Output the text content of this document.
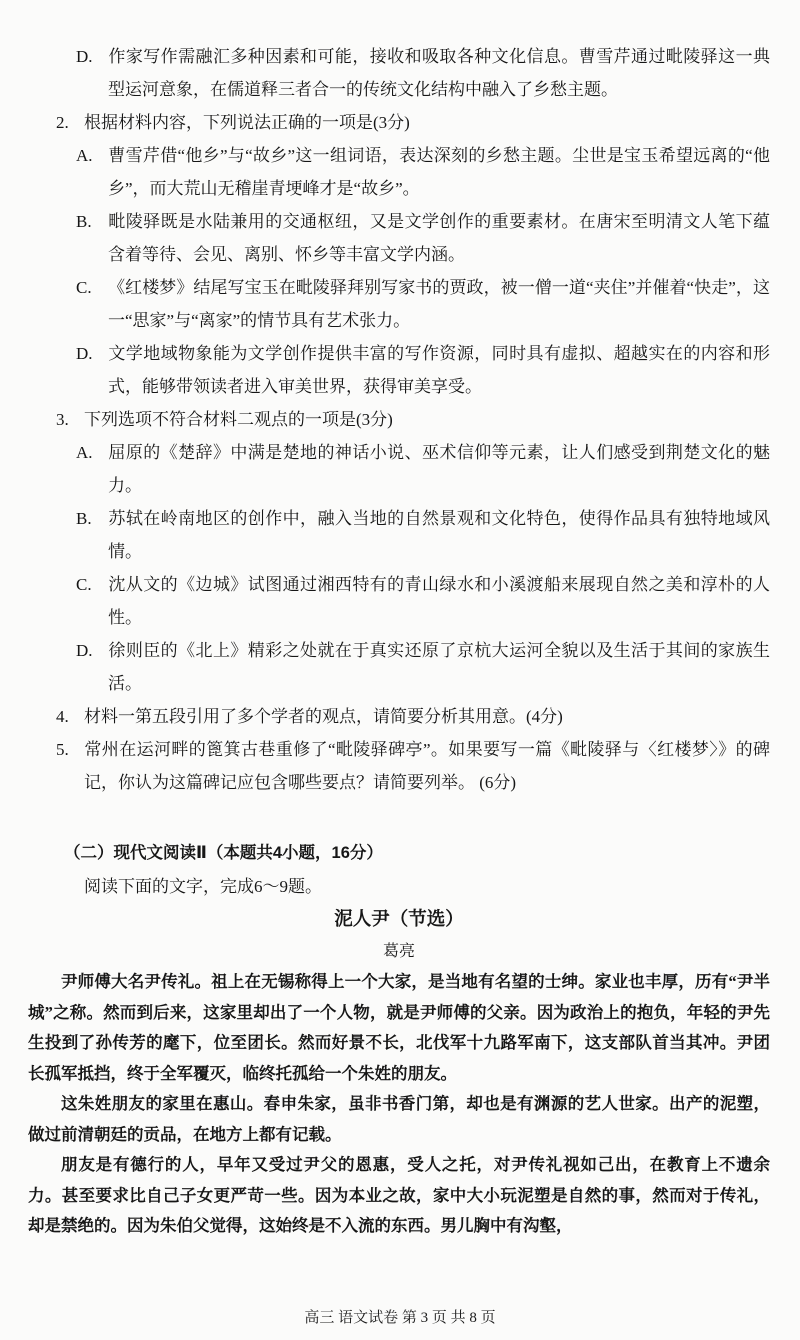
D. 作家写作需融汇多种因素和可能，接收和吸取各种文化信息。曹雪芹通过毗陵驿这一典型运河意象，在儒道释三者合一的传统文化结构中融入了乡愁主题。
2. 根据材料内容，下列说法正确的一项是(3分)
A. 曹雪芹借“他乡”与“故乡”这一组词语，表达深刻的乡愁主题。尘世是宝玉希望远离的“他乡”，而大荒山无稽崖青埂峰才是“故乡”。
B. 毗陵驿既是水陆兼用的交通枢纽，又是文学创作的重要素材。在唐宋至明清文人笔下蕴含着等待、会见、离别、怀乡等丰富文学内涵。
C. 《红楼梦》结尾写宝玉在毗陵驿拜别写家书的贾政，被一僧一道“夹住”并催着“快走”，这一“思家”与“离家”的情节具有艺术张力。
D. 文学地域物象能为文学创作提供丰富的写作资源，同时具有虚拟、超越实在的内容和形式，能够带领读者进入审美世界，获得审美享受。
3. 下列选项不符合材料二观点的一项是(3分)
A. 屈原的《楚辞》中满是楚地的神话小说、巫术信仰等元素，让人们感受到荆楚文化的魅力。
B. 苏轼在岭南地区的创作中，融入当地的自然景观和文化特色，使得作品具有独特地域风情。
C. 沈从文的《边城》试图通过湘西特有的青山绿水和小溪渡船来展现自然之美和淳朴的人性。
D. 徐则臣的《北上》精彩之处就在于真实还原了京杭大运河全貌以及生活于其间的家族生活。
4. 材料一第五段引用了多个学者的观点，请简要分析其用意。(4分)
5. 常州在运河畔的篦箕古巷重修了“毗陵驿碑亭”。如果要写一篇《毗陵驿与〈红楼梦〉》的碑记，你认为这篇碑记应包含哪些要点？请简要列举。 (6分)
（二）现代文阅读Ⅱ（本题共4小题，16分）
阅读下面的文字，完成6～9题。
泥人尹（节选）
葛亮
尹师傅大名尹传礼。祖上在无锡称得上一个大家，是当地有名望的士绅。家业也丰厚，历有“尹半城”之称。然而到后来，这家里却出了一个人物，就是尹师傅的父亲。因为政治上的抱负，年轻的尹先生投到了孙传芳的麾下，位至团长。然而好景不长，北伐军十九路军南下，这支部队首当其冲。尹团长孤军抵挡，终于全军覆灭，临终托孤给一个朱姓的朋友。
这朱姓朋友的家里在惠山。春申朱家，虽非书香门第，却也是有渊源的艺人世家。出产的泥塑，做过前清朝廷的贡品，在地方上都有记载。
朋友是有德行的人，早年又受过尹父的恩惠，受人之托，对尹传礼视如己出，在教育上不遗余力。甚至要求比自己子女更严苛一些。因为本业之故，家中大小玩泥塑是自然的事，然而对于传礼，却是禁绝的。因为朱伯父觉得，这始终是不入流的东西。男儿胸中有沟壑，
高三 语文试卷 第 3 页 共 8 页
